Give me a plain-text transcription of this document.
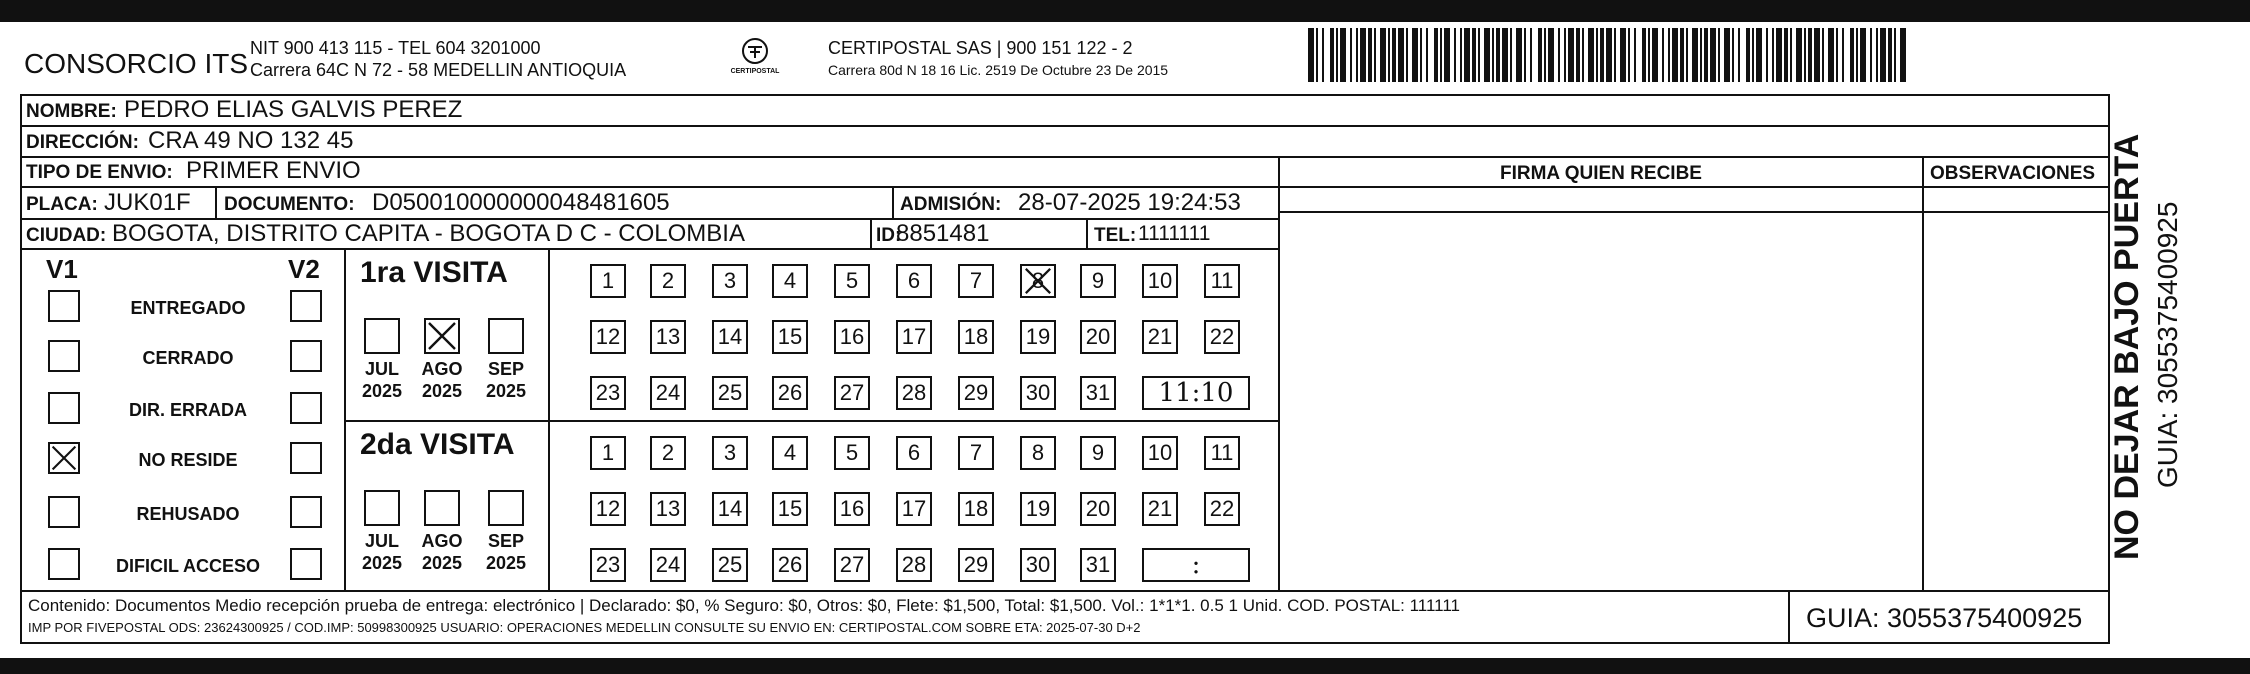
CONSORCIO ITS NIT 900 413 115 - TEL 604 3201000
Carrera 64C N 72 - 58 MEDELLIN ANTIOQUIA	CERTIPOSTAL
CERTIPOSTAL SAS | 900 151 122 - 2
Carrera 80d N 18 16 Lic. 2519 De Octubre 23 De 2015
NOMBRE: PEDRO ELIAS GALVIS PEREZ
DIRECCIÓN: CRA 49 NO 132 45
TIPO DE ENVIO: PRIMER ENVIO	FIRMA QUIEN RECIBE	OBSERVACIONES
PLACA: JUK01F DOCUMENTO: D050010000000048481605	ADMISIÓN: 28-07-2025 19:24:53
CIUDAD: BOGOTA, DISTRITO CAPITA - BOGOTA D C - COLOMBIA	ID:
8851481	TEL: 1111111
V1	V2
ENTREGADO
CERRADO
DIR. ERRADA
NO RESIDE
REHUSADO
DIFICIL ACCESO
1ra VISITA
JUL
2025
AGO
2025
SEP
2025
1	2	3	4	5	6	7	8	9	10 11
12 13 14 15 16 17 18 19 20 21 22
23 24 25 26 27 28 29 30 31	11:10
2da VISITA
JUL
2025
AGO
2025
SEP
2025
1	2	3	4	5	6	7	8	9	10 11
12 13 14 15 16 17 18 19 20 21 22
23 24 25 26 27 28 29 30 31	:
Contenido: Documentos Medio recepción prueba de entrega: electrónico | Declarado: $0, % Seguro: $0, Otros: $0, Flete: $1,500, Total: $1,500. Vol.: 1*1*1. 0.5 1 Unid. COD. POSTAL: 111111
IMP POR FIVEPOSTAL ODS: 23624300925 / COD.IMP: 50998300925 USUARIO: OPERACIONES MEDELLIN CONSULTE SU ENVIO EN: CERTIPOSTAL.COM SOBRE ETA: 2025-07-30 D+2	GUIA: 3055375400925
NO DEJAR BAJO PUERTA GUIA: 3055375400925
